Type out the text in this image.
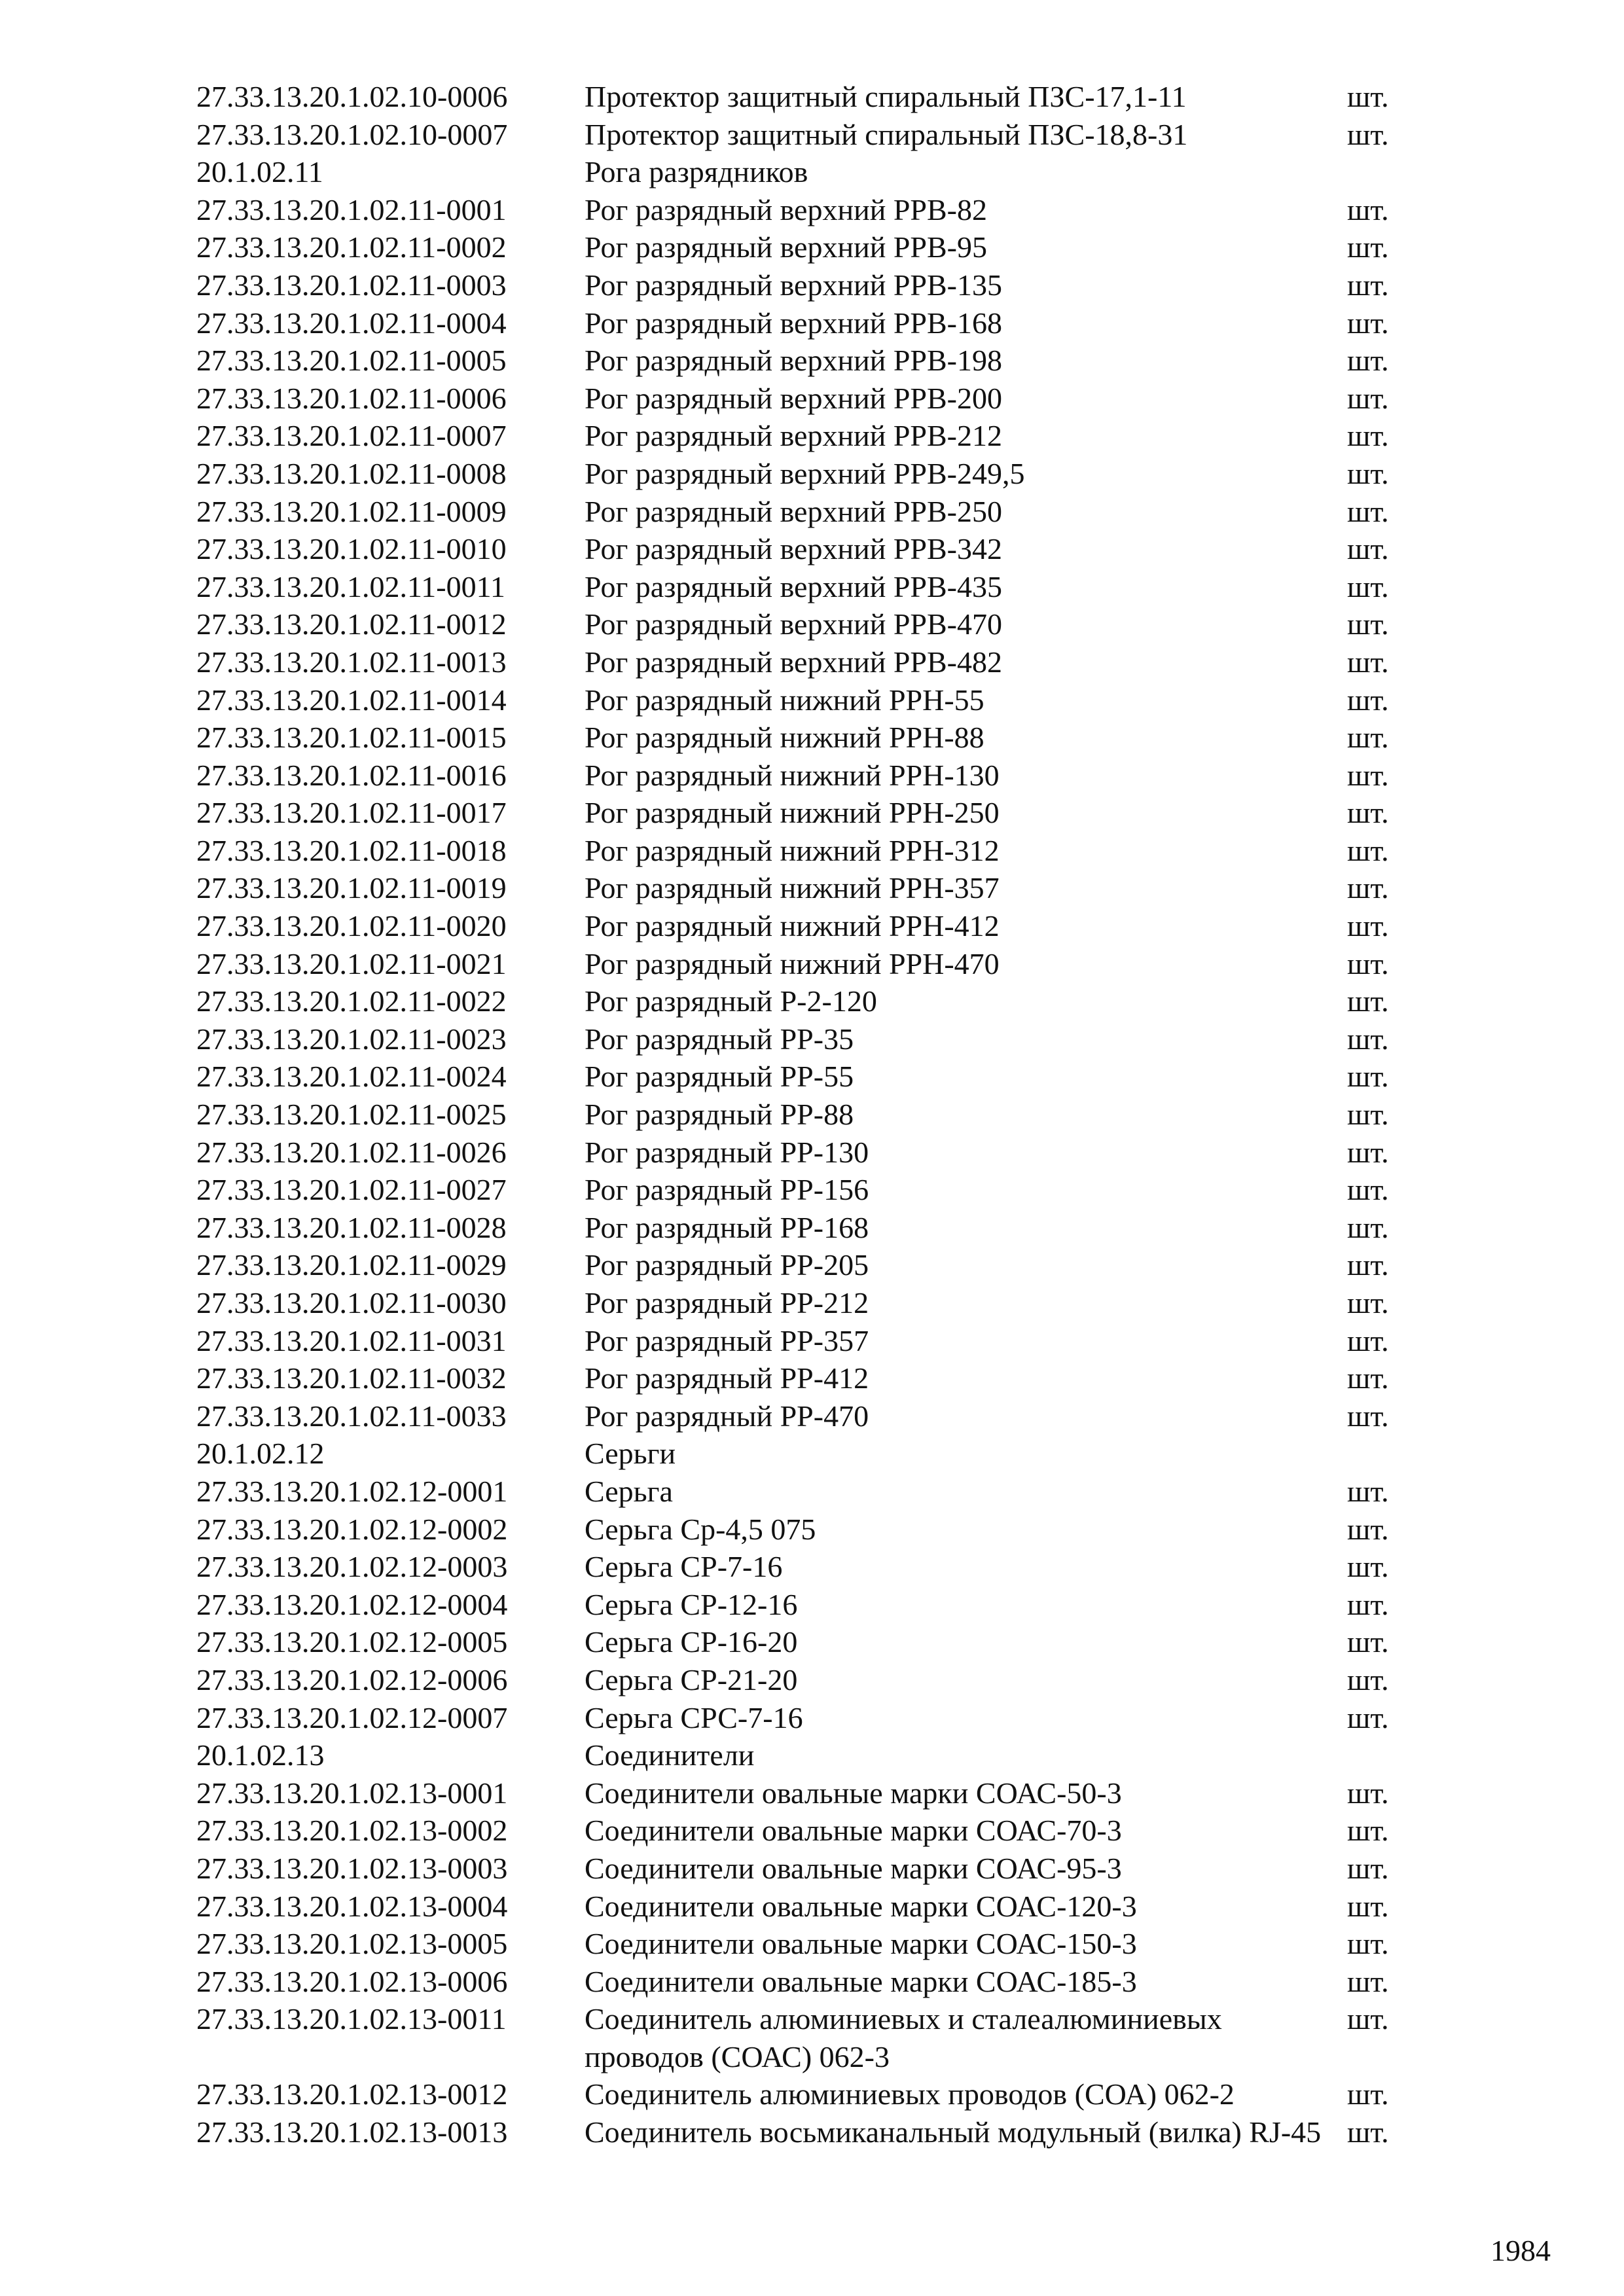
27.33.13.20.1.02.10-0006	Протектор защитный спиральный ПЗС-17,1-11	шт.
27.33.13.20.1.02.10-0007	Протектор защитный спиральный ПЗС-18,8-31	шт.
20.1.02.11	Рога разрядников	
27.33.13.20.1.02.11-0001	Рог разрядный верхний РРВ-82	шт.
27.33.13.20.1.02.11-0002	Рог разрядный верхний РРВ-95	шт.
27.33.13.20.1.02.11-0003	Рог разрядный верхний РРВ-135	шт.
27.33.13.20.1.02.11-0004	Рог разрядный верхний РРВ-168	шт.
27.33.13.20.1.02.11-0005	Рог разрядный верхний РРВ-198	шт.
27.33.13.20.1.02.11-0006	Рог разрядный верхний РРВ-200	шт.
27.33.13.20.1.02.11-0007	Рог разрядный верхний РРВ-212	шт.
27.33.13.20.1.02.11-0008	Рог разрядный верхний РРВ-249,5	шт.
27.33.13.20.1.02.11-0009	Рог разрядный верхний РРВ-250	шт.
27.33.13.20.1.02.11-0010	Рог разрядный верхний РРВ-342	шт.
27.33.13.20.1.02.11-0011	Рог разрядный верхний РРВ-435	шт.
27.33.13.20.1.02.11-0012	Рог разрядный верхний РРВ-470	шт.
27.33.13.20.1.02.11-0013	Рог разрядный верхний РРВ-482	шт.
27.33.13.20.1.02.11-0014	Рог разрядный нижний РРН-55	шт.
27.33.13.20.1.02.11-0015	Рог разрядный нижний РРН-88	шт.
27.33.13.20.1.02.11-0016	Рог разрядный нижний РРН-130	шт.
27.33.13.20.1.02.11-0017	Рог разрядный нижний РРН-250	шт.
27.33.13.20.1.02.11-0018	Рог разрядный нижний РРН-312	шт.
27.33.13.20.1.02.11-0019	Рог разрядный нижний РРН-357	шт.
27.33.13.20.1.02.11-0020	Рог разрядный нижний РРН-412	шт.
27.33.13.20.1.02.11-0021	Рог разрядный нижний РРН-470	шт.
27.33.13.20.1.02.11-0022	Рог разрядный Р-2-120	шт.
27.33.13.20.1.02.11-0023	Рог разрядный РР-35	шт.
27.33.13.20.1.02.11-0024	Рог разрядный РР-55	шт.
27.33.13.20.1.02.11-0025	Рог разрядный РР-88	шт.
27.33.13.20.1.02.11-0026	Рог разрядный РР-130	шт.
27.33.13.20.1.02.11-0027	Рог разрядный РР-156	шт.
27.33.13.20.1.02.11-0028	Рог разрядный РР-168	шт.
27.33.13.20.1.02.11-0029	Рог разрядный РР-205	шт.
27.33.13.20.1.02.11-0030	Рог разрядный РР-212	шт.
27.33.13.20.1.02.11-0031	Рог разрядный РР-357	шт.
27.33.13.20.1.02.11-0032	Рог разрядный РР-412	шт.
27.33.13.20.1.02.11-0033	Рог разрядный РР-470	шт.
20.1.02.12	Серьги	
27.33.13.20.1.02.12-0001	Серьга	шт.
27.33.13.20.1.02.12-0002	Серьга Ср-4,5 075	шт.
27.33.13.20.1.02.12-0003	Серьга СР-7-16	шт.
27.33.13.20.1.02.12-0004	Серьга СР-12-16	шт.
27.33.13.20.1.02.12-0005	Серьга СР-16-20	шт.
27.33.13.20.1.02.12-0006	Серьга СР-21-20	шт.
27.33.13.20.1.02.12-0007	Серьга СРС-7-16	шт.
20.1.02.13	Соединители	
27.33.13.20.1.02.13-0001	Соединители овальные марки СОАС-50-3	шт.
27.33.13.20.1.02.13-0002	Соединители овальные марки СОАС-70-3	шт.
27.33.13.20.1.02.13-0003	Соединители овальные марки СОАС-95-3	шт.
27.33.13.20.1.02.13-0004	Соединители овальные марки СОАС-120-3	шт.
27.33.13.20.1.02.13-0005	Соединители овальные марки СОАС-150-3	шт.
27.33.13.20.1.02.13-0006	Соединители овальные марки СОАС-185-3	шт.
27.33.13.20.1.02.13-0011	Соединитель алюминиевых и сталеалюминиевых проводов (СОАС) 062-3	шт.
27.33.13.20.1.02.13-0012	Соединитель алюминиевых проводов (СОА) 062-2	шт.
27.33.13.20.1.02.13-0013	Соединитель восьмиканальный модульный (вилка) RJ-45	шт.
1984
